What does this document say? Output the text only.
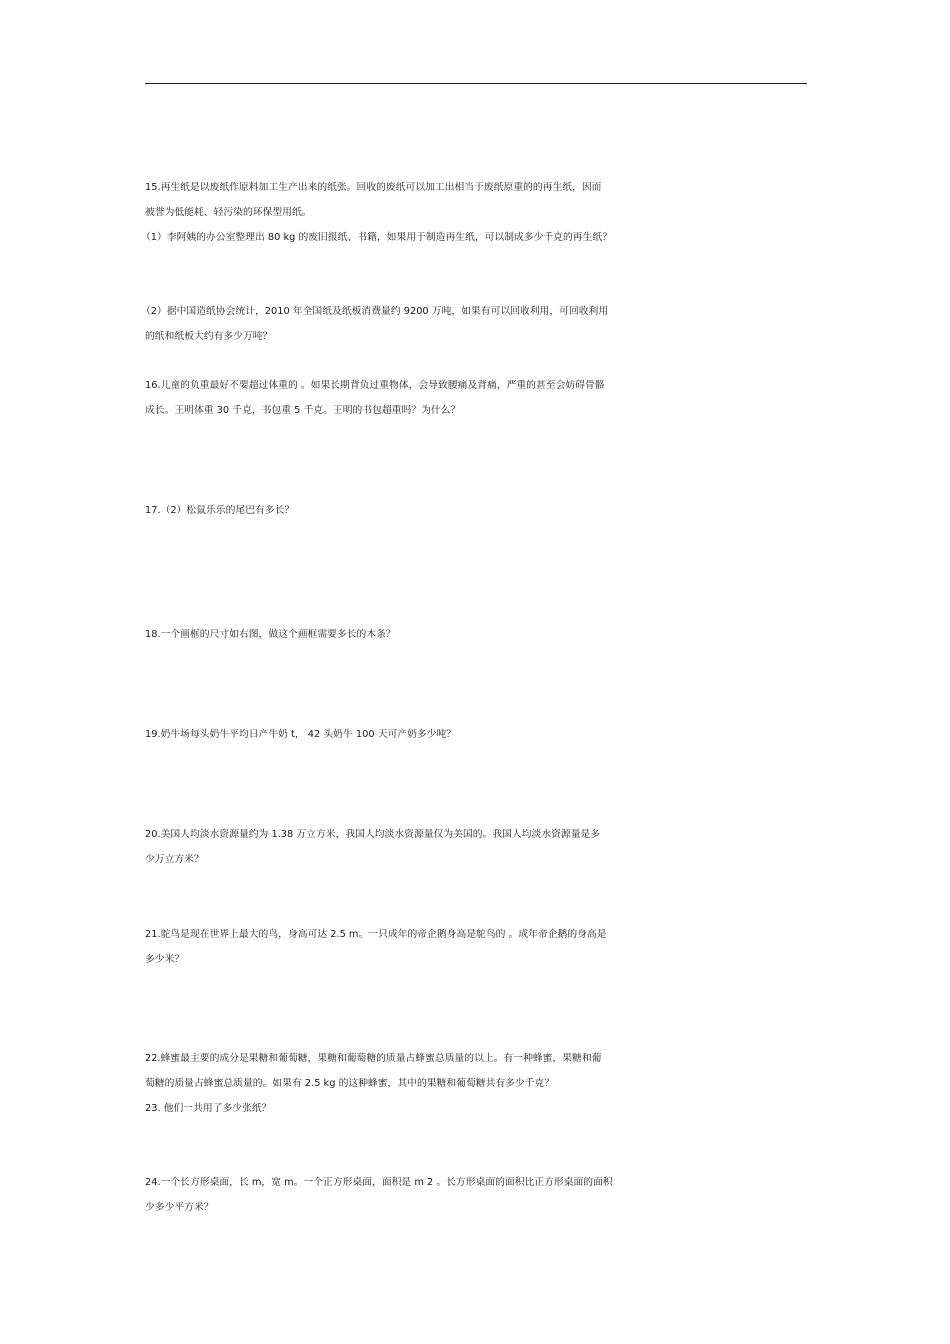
15.再生纸是以废纸作原料加工生产出来的纸张。回收的废纸可以加工出相当于废纸原重的的再生纸，因而
被誉为低能耗、轻污染的环保型用纸。
（1）李阿姨的办公室整理出 80 kg 的废旧报纸、书籍，如果用于制造再生纸，可以制成多少千克的再生纸？
（2）据中国造纸协会统计，2010 年全国纸及纸板消费量约 9200 万吨，如果有可以回收利用，可回收利用
的纸和纸板大约有多少万吨？
16.儿童的负重最好不要超过体重的 。如果长期背负过重物体，会导致腰痛及背痛，严重的甚至会妨碍骨骼
成长。王明体重 30 千克，书包重 5 千克。王明的书包超重吗？为什么？
17.（2）松鼠乐乐的尾巴有多长？
18.一个画框的尺寸如右图，做这个画框需要多长的木条？
19.奶牛场每头奶牛平均日产牛奶 t， 42 头奶牛 100 天可产奶多少吨？
20.美国人均淡水资源量约为 1.38 万立方米，我国人均淡水资源量仅为美国的。我国人均淡水资源量是多
少万立方米？
21.鸵鸟是现在世界上最大的鸟，身高可达 2.5 m。一只成年的帝企鹅身高是鸵鸟的 。成年帝企鹅的身高是
多少米？
22.蜂蜜最主要的成分是果糖和葡萄糖，果糖和葡萄糖的质量占蜂蜜总质量的以上。有一种蜂蜜，果糖和葡
萄糖的质量占蜂蜜总质量的。如果有 2.5 kg 的这种蜂蜜，其中的果糖和葡萄糖共有多少千克？
23. 他们一共用了多少张纸？
24.一个长方形桌面，长 m，宽 m。一个正方形桌面，面积是 m 2 。长方形桌面的面积比正方形桌面的面积
少多少平方米？
